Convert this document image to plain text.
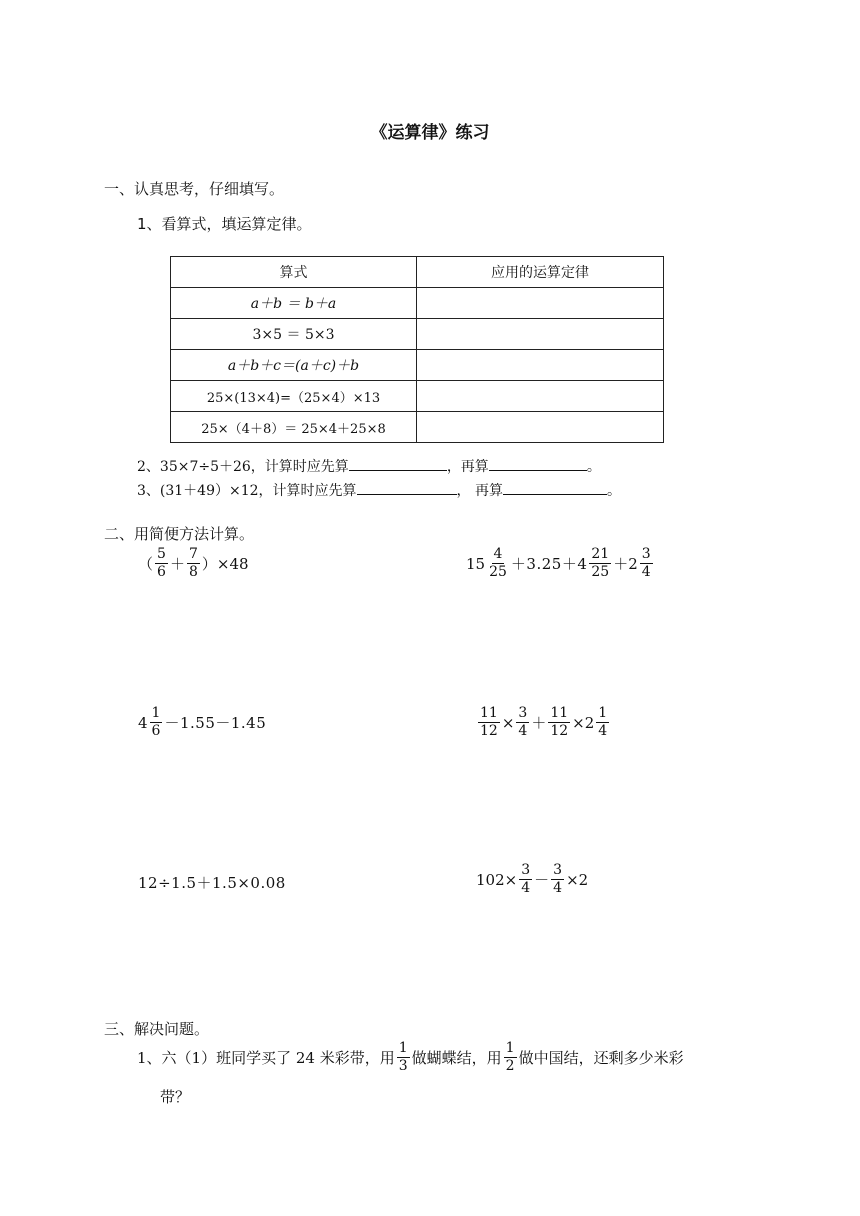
《运算律》练习
一、认真思考，仔细填写。
1、看算式，填运算定律。
算式	应用的运算定律
a＋b ＝ b＋a	
3×5 ＝ 5×3	
a＋b＋c＝(a＋c)＋b	
25×(13×4)=（25×4）×13	
25×（4＋8）＝ 25×4＋25×8	
2、35×7÷5＋26，计算时应先算	，再算	。
3、(31＋49）×12，计算时应先算	， 再算	。
二、用简便方法计算。
（ $\frac{5}{6} + \frac{7}{8} )\times 48$	$15 \frac{4}{25} +3.25+4 \frac{21}{25} +2 \frac{3}{4}$
$4 \frac{1}{6} -1.55-1.45$	$\frac{11}{12} \times \frac{3}{4} + \frac{11}{12} \times 2 \frac{1}{4}$
12÷1.5＋1.5×0.08	$102\times \frac{3}{4} - \frac{3}{4} \times 2$
三、解决问题。
1、六（1）班同学买了 24 米彩带，用 $\frac{1}{3}$ 做蝴蝶结，用 $\frac{1}{2}$ 做中国结，还剩多少米彩
带？
